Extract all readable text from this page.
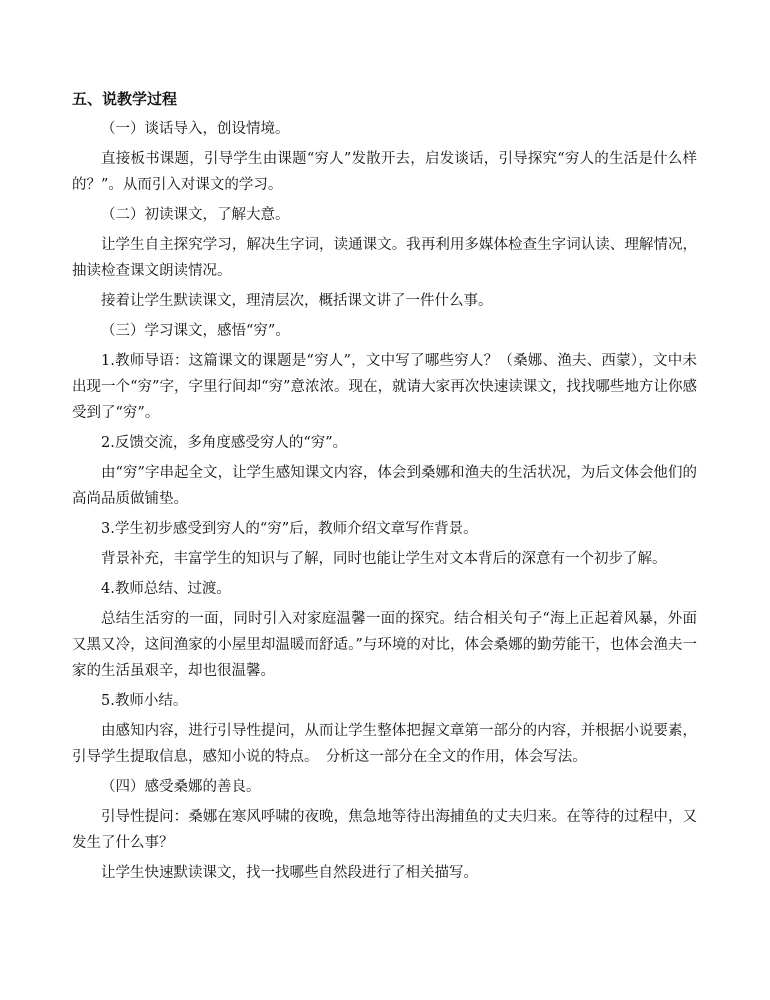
五、说教学过程

（一）谈话导入，创设情境。

直接板书课题，引导学生由课题“穷人”发散开去，启发谈话，引导探究“穷人的生活是什么样的？”。从而引入对课文的学习。

（二）初读课文，了解大意。

让学生自主探究学习，解决生字词，读通课文。我再利用多媒体检查生字词认读、理解情况，抽读检查课文朗读情况。

接着让学生默读课文，理清层次，概括课文讲了一件什么事。

（三）学习课文，感悟“穷”。

1.教师导语：这篇课文的课题是“穷人”，文中写了哪些穷人？（桑娜、渔夫、西蒙），文中未出现一个“穷”字，字里行间却“穷”意浓浓。现在，就请大家再次快速读课文，找找哪些地方让你感受到了“穷”。

2.反馈交流，多角度感受穷人的“穷”。

由“穷”字串起全文，让学生感知课文内容，体会到桑娜和渔夫的生活状况，为后文体会他们的高尚品质做铺垫。

3.学生初步感受到穷人的“穷”后，教师介绍文章写作背景。

背景补充，丰富学生的知识与了解，同时也能让学生对文本背后的深意有一个初步了解。

4.教师总结、过渡。

总结生活穷的一面，同时引入对家庭温馨一面的探究。结合相关句子“海上正起着风暴，外面又黑又冷，这间渔家的小屋里却温暖而舒适。”与环境的对比，体会桑娜的勤劳能干，也体会渔夫一家的生活虽艰辛，却也很温馨。

5.教师小结。

由感知内容，进行引导性提问，从而让学生整体把握文章第一部分的内容，并根据小说要素，引导学生提取信息，感知小说的特点。　分析这一部分在全文的作用，体会写法。

（四）感受桑娜的善良。

引导性提问：桑娜在寒风呼啸的夜晚，焦急地等待出海捕鱼的丈夫归来。在等待的过程中，又发生了什么事？

让学生快速默读课文，找一找哪些自然段进行了相关描写。
